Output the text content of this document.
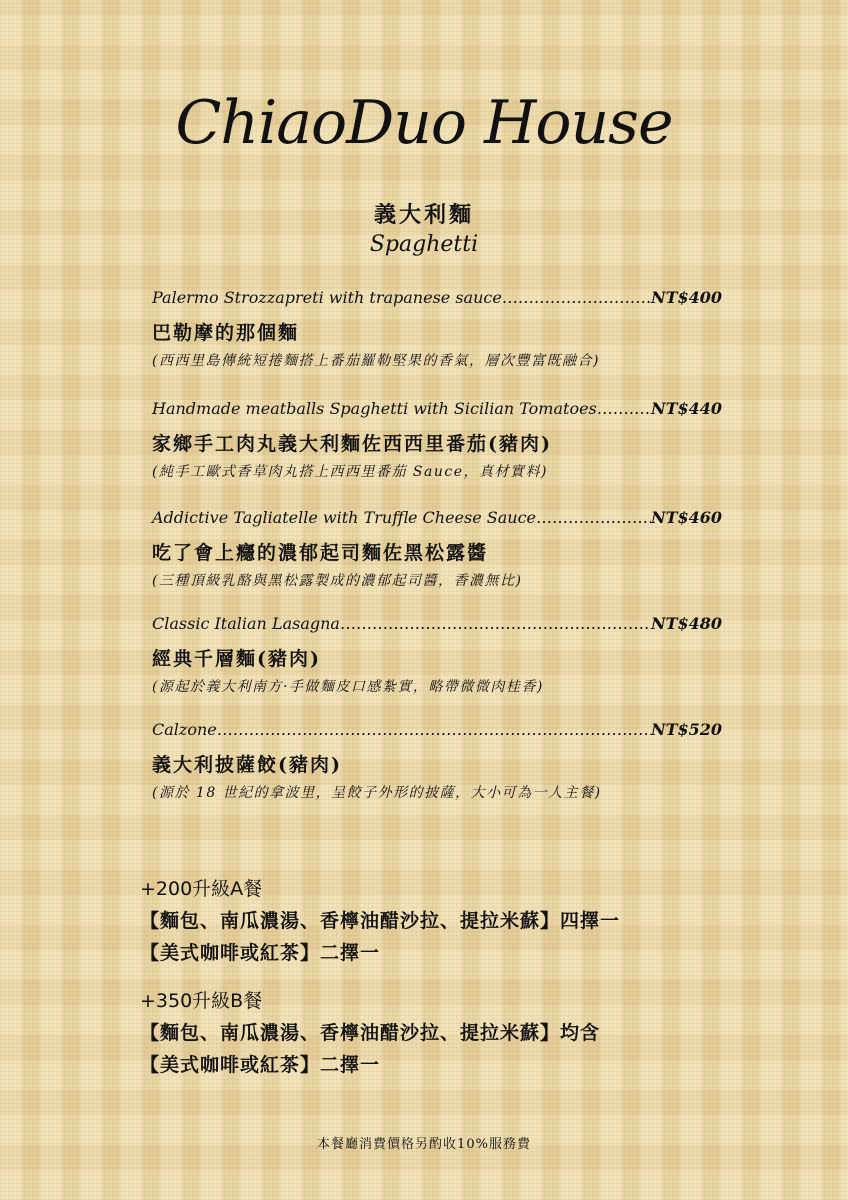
ChiaoDuo House
義大利麵
Spaghetti
Palermo Strozzapreti with trapanese sauce …………………………………………………………………………………………………………………………………………	NT$400
巴勒摩的那個麵
(西西里島傳統短捲麵搭上番茄羅勒堅果的香氣，層次豐富既融合)
Handmade meatballs Spaghetti with Sicilian Tomatoes …………………………………………………………………………………………………………………………………………	NT$440
家鄉手工肉丸義大利麵佐西西里番茄(豬肉)
(純手工歐式香草肉丸搭上西西里番茄 Sauce，真材實料)
Addictive Tagliatelle with Truffle Cheese Sauce …………………………………………………………………………………………………………………………………………	NT$460
吃了會上癮的濃郁起司麵佐黑松露醬
(三種頂級乳酪與黑松露製成的濃郁起司醬，香濃無比)
Classic Italian Lasagna …………………………………………………………………………………………………………………………………………	NT$480
經典千層麵(豬肉)
(源起於義大利南方·手做麵皮口感紮實，略帶微微肉桂香)
Calzone …………………………………………………………………………………………………………………………………………	NT$520
義大利披薩餃(豬肉)
(源於 18 世紀的拿波里，呈餃子外形的披薩，大小可為一人主餐)
+200升級A餐
【麵包、南瓜濃湯、香檸油醋沙拉、提拉米蘇】四擇一
【美式咖啡或紅茶】二擇一
+350升級B餐
【麵包、南瓜濃湯、香檸油醋沙拉、提拉米蘇】均含
【美式咖啡或紅茶】二擇一
本餐廳消費價格另酌收10%服務費
